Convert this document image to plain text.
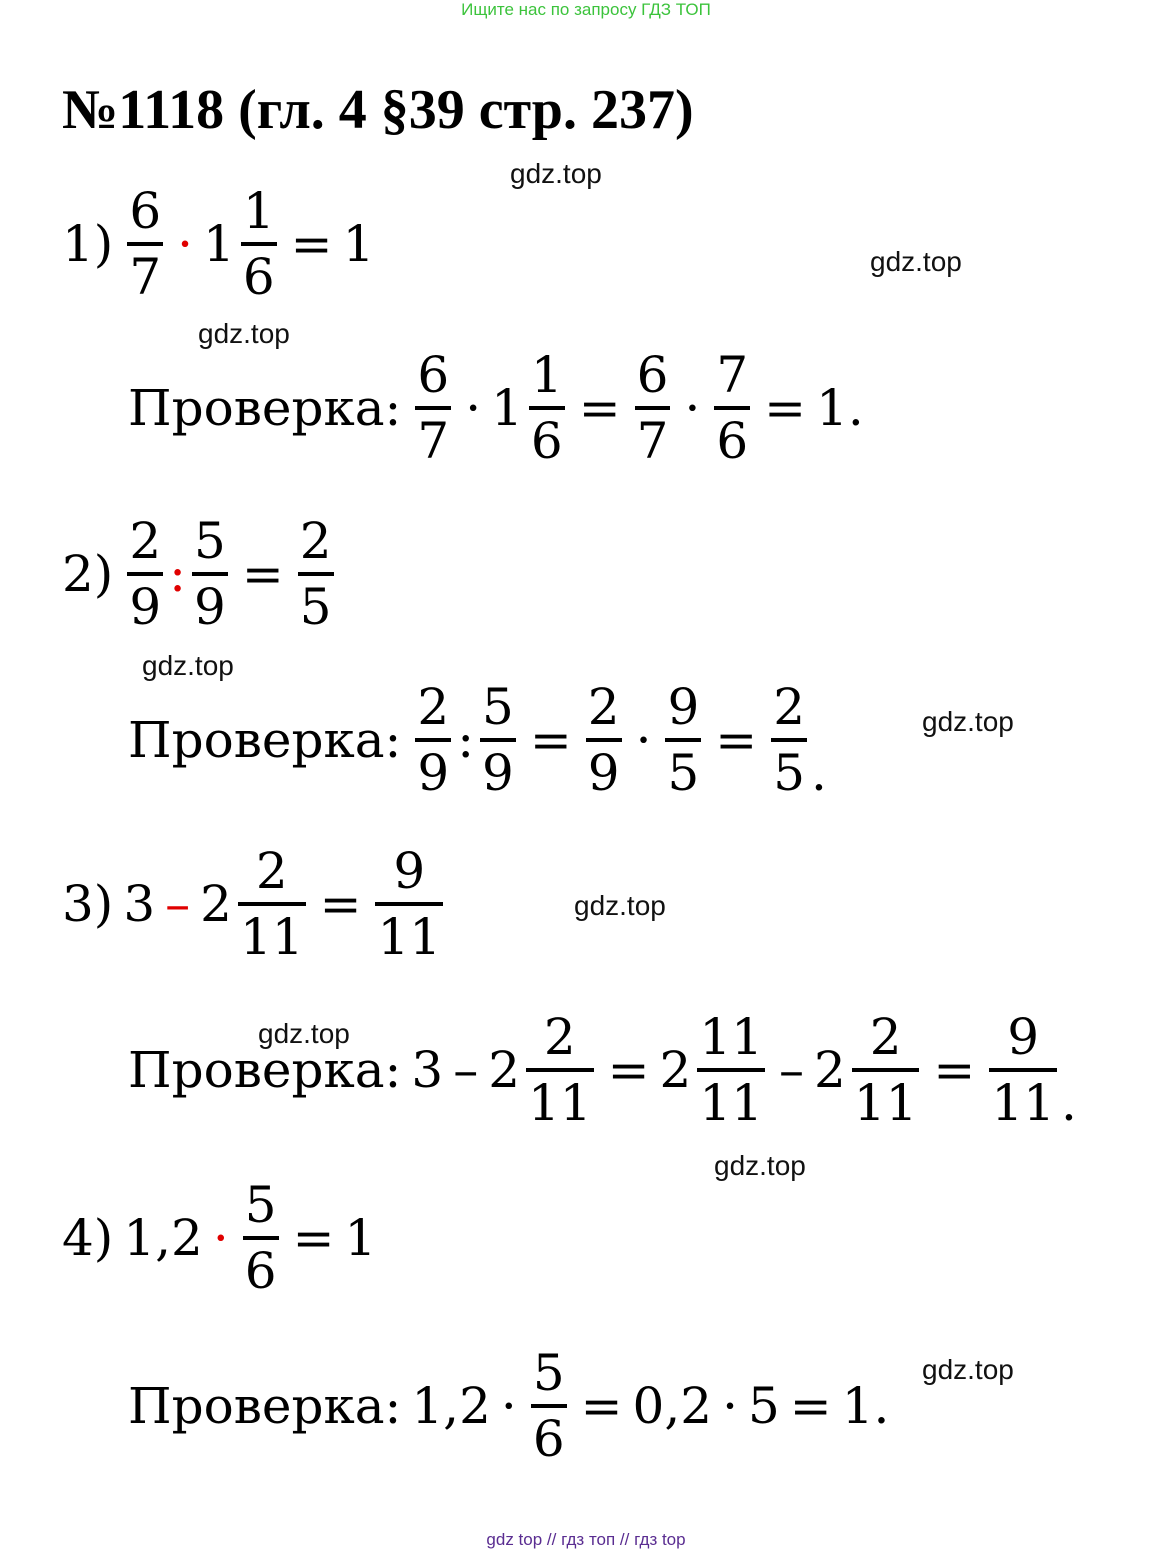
Ищите нас по запросу ГДЗ ТОП
№1118 (гл. 4 §39 стр. 237)
gdz.top
gdz.top
gdz.top
gdz.top
gdz.top
gdz.top
gdz.top
gdz.top
gdz.top
$1) \frac{6}{7} \cdot 1 \frac{1}{6} = 1$
Проверка: $\frac{6}{7} \cdot 1 \frac{1}{6} = \frac{6}{7} \cdot \frac{7}{6} = 1$.
$2) \frac{2}{9}$ : $\frac{5}{9} = \frac{2}{5}$
Проверка: $\frac{2}{9}$ : $\frac{5}{9} = \frac{2}{9} \cdot \frac{9}{5} = \frac{2}{5}$ .
3) $3 - 2 \frac{2}{11} = \frac{9}{11}$
Проверка: $3 - 2 \frac{2}{11} = 2 \frac{11}{11} - 2 \frac{2}{11} = \frac{9}{11}$ .
4) $1,2 \cdot \frac{5}{6} = 1$
Проверка: $1,2 \cdot \frac{5}{6} = 0,2 \cdot 5 = 1$.
gdz top // гдз топ // гдз top
